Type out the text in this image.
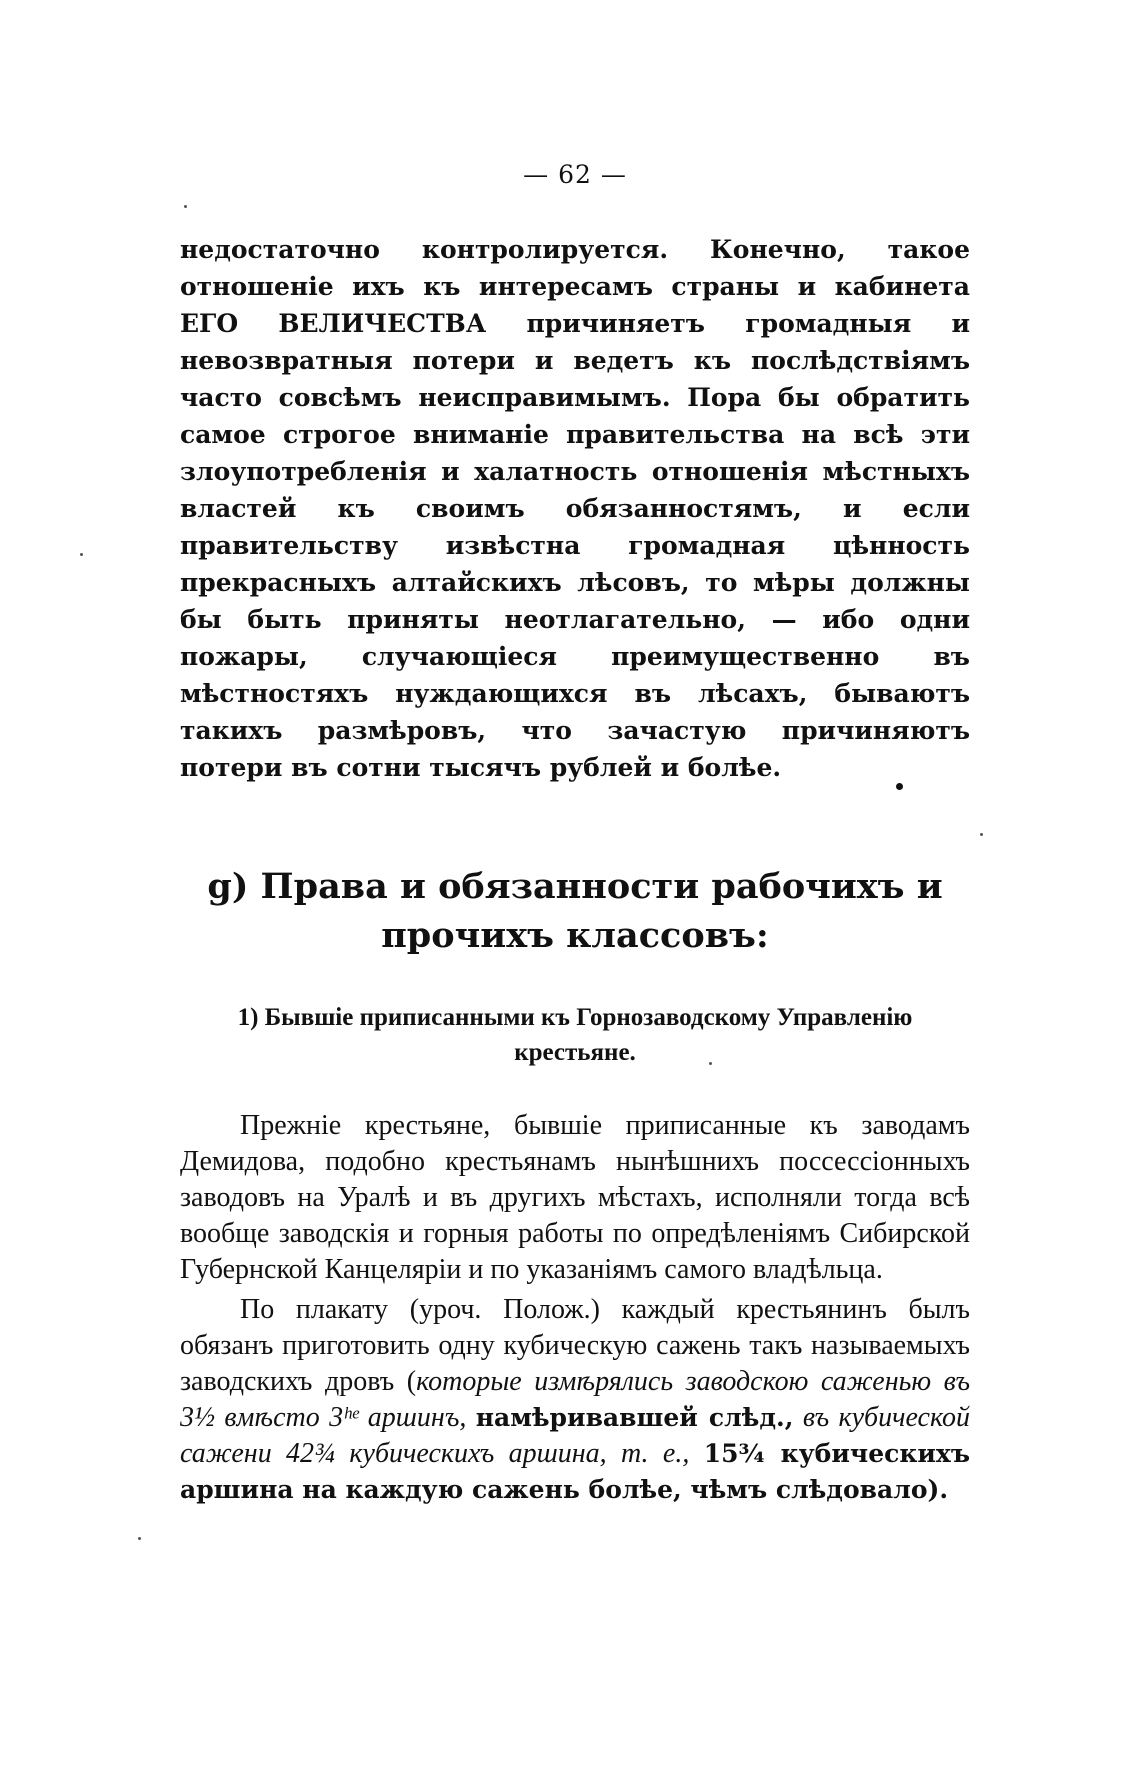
— 62 —

недостаточно контролируется. Конечно, такое отношеніе ихъ къ интересамъ страны и кабинета ЕГО ВЕЛИЧЕСТВА причиняетъ громадныя и невозвратныя потери и ведетъ къ послѣдствіямъ часто совсѣмъ неисправимымъ. Пора бы обратить самое строгое вниманіе правительства на всѣ эти злоупотребленія и халатность отношенія мѣстныхъ властей къ своимъ обязанностямъ, и если правительству извѣстна громадная цѣнность прекрасныхъ алтайскихъ лѣсовъ, то мѣры должны бы быть приняты неотлагательно, — ибо одни пожары, случающіеся преимущественно въ мѣстностяхъ нуждающихся въ лѣсахъ, бываютъ такихъ размѣровъ, что зачастую причиняютъ потери въ сотни тысячъ рублей и болѣе.

g) Права и обязанности рабочихъ и прочихъ классовъ:
1) Бывшіе приписанными къ Горнозаводскому Управленію крестьяне.

Прежніе крестьяне, бывшіе приписанные къ заводамъ Демидова, подобно крестьянамъ нынѣшнихъ поссессіонныхъ заводовъ на Уралѣ и въ другихъ мѣстахъ, исполняли тогда всѣ вообще заводскія и горныя работы по опредѣленіямъ Сибирской Губернской Канцеляріи и по указаніямъ самого владѣльца.

По плакату (уроч. Полож.) каждый крестьянинъ былъ обязанъ приготовить одну кубическую сажень такъ называемыхъ заводскихъ дровъ (которые измѣрялись заводскою саженью въ 3½ вмѣсто 3ʰᵉ аршинъ, намѣривавшей слѣд., въ кубической сажени 42¾ кубическихъ аршина, т. е., 15¾ кубическихъ аршина на каждую сажень болѣе, чѣмъ слѣдовало).
